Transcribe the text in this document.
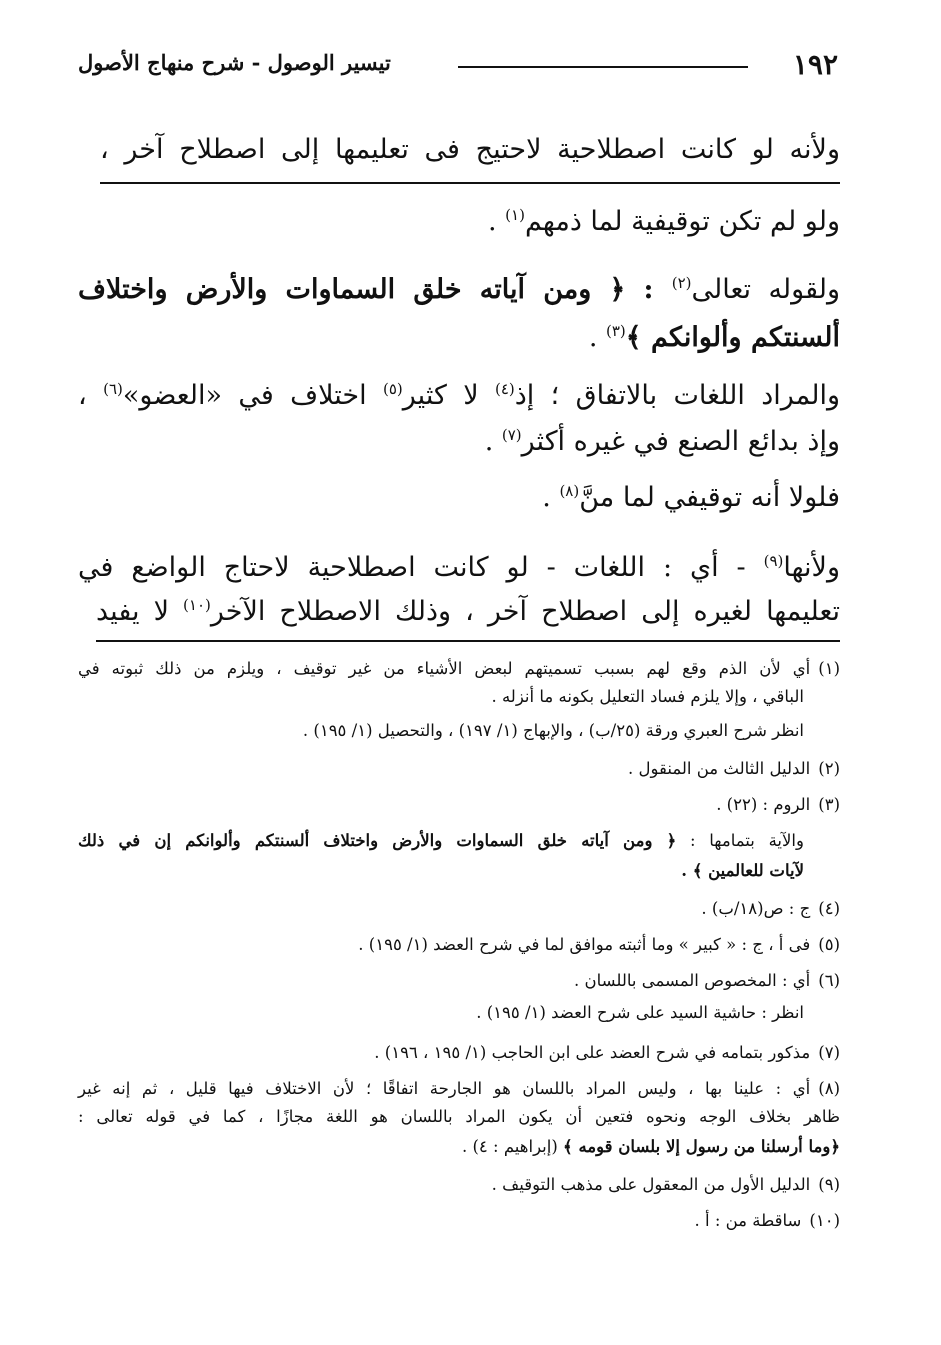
١٩٢
تيسير الوصول - شرح منهاج الأصول
ولأنه لو كانت اصطلاحية لاحتيج فى تعليمها إلى اصطلاح آخر ،
ولو لم تكن توقيفية لما ذمهم$^{(١)}$ .
ولقوله تعالى$^{(٢)}$ : ﴿ ومن آياته خلق السماوات والأرض واختلاف
ألسنتكم وألوانكم ﴾$^{(٣)}$ .
والمراد اللغات بالاتفاق ؛ إذ$^{(٤)}$ لا كثير$^{(٥)}$ اختلاف في «العضو»$^{(٦)}$ ،
وإذ بدائع الصنع في غيره أكثر$^{(٧)}$ .
فلولا أنه توقيفي لما منَّ$^{(٨)}$ .
ولأنها$^{(٩)}$ - أي : اللغات - لو كانت اصطلاحية لاحتاج الواضع في
تعليمها لغيره إلى اصطلاح آخر ، وذلك الاصطلاح الآخر$^{(١٠)}$ لا يفيد
(١)أي لأن الذم وقع لهم بسبب تسميتهم لبعض الأشياء من غير توقيف ، ويلزم من ذلك ثبوته في
الباقي ، وإلا يلزم فساد التعليل بكونه ما أنزله .
انظر شرح العبري ورقة (٢٥/ب) ، والإبهاج (١/ ١٩٧) ، والتحصيل (١/ ١٩٥) .
(٢)الدليل الثالث من المنقول .
(٣)الروم : (٢٢) .
والآية بتمامها : ﴿ ومن آياته خلق السماوات والأرض واختلاف ألسنتكم وألوانكم إن في ذلك
لآيات للعالمين ﴾ .
(٤)ج : ص(١٨/ب) .
(٥)فى أ ، ج : « كبير » وما أثبته موافق لما في شرح العضد (١/ ١٩٥) .
(٦)أي : المخصوص المسمى باللسان .
انظر : حاشية السيد على شرح العضد (١/ ١٩٥) .
(٧)مذكور بتمامه في شرح العضد على ابن الحاجب (١/ ١٩٥ ، ١٩٦) .
(٨)أي : علينا بها ، وليس المراد باللسان هو الجارحة اتفاقًا ؛ لأن الاختلاف فيها قليل ، ثم إنه غير
ظاهر بخلاف الوجه ونحوه فتعين أن يكون المراد باللسان هو اللغة مجازًا ، كما في قوله تعالى :
﴿وما أرسلنا من رسول إلا بلسان قومه ﴾ (إبراهيم : ٤) .
(٩)الدليل الأول من المعقول على مذهب التوقيف .
(١٠)ساقطة من : أ .
